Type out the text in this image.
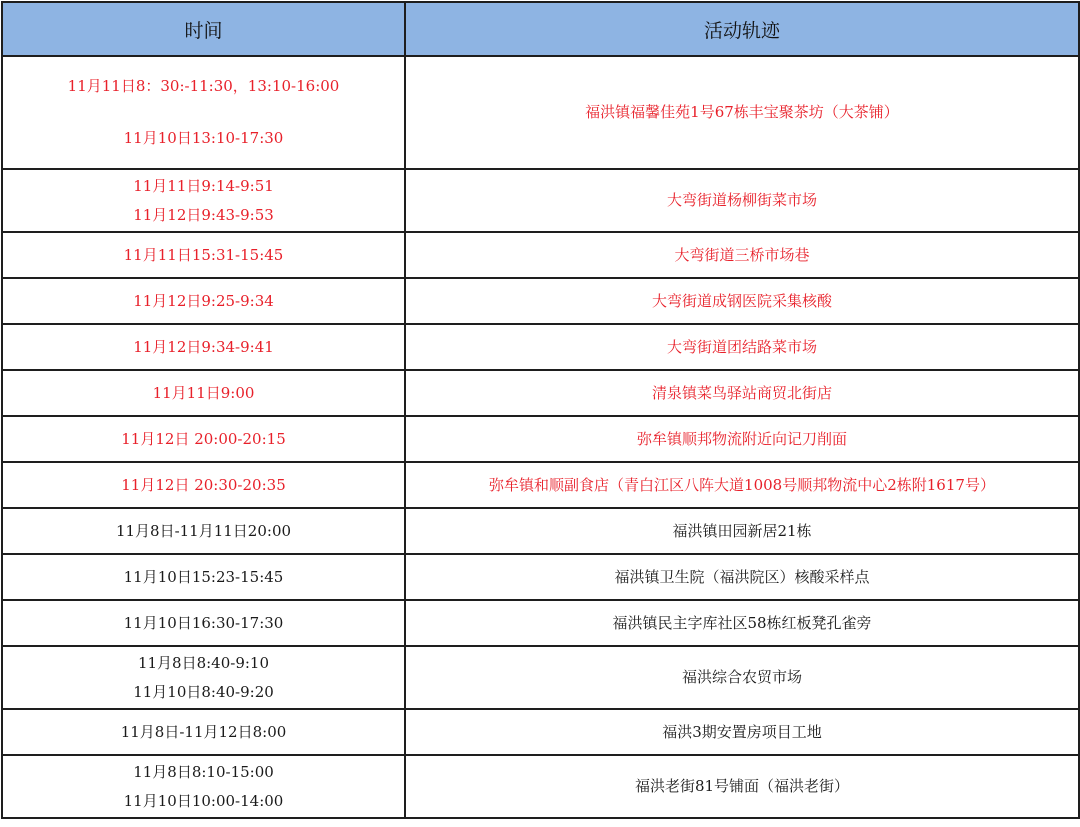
时间	活动轨迹

11月11日8：30:-11:30，13:10-16:00
11月10日13:10-17:30	福洪镇福馨佳苑1号67栋丰宝聚茶坊（大茶铺）

11月11日9:14-9:51
11月12日9:43-9:53	大弯街道杨柳街菜市场

11月11日15:31-15:45	大弯街道三桥市场巷

11月12日9:25-9:34	大弯街道成钢医院采集核酸

11月12日9:34-9:41	大弯街道团结路菜市场

11月11日9:00	清泉镇菜鸟驿站商贸北街店

11月12日 20:00-20:15	弥牟镇顺邦物流附近向记刀削面

11月12日 20:30-20:35	弥牟镇和顺副食店（青白江区八阵大道1008号顺邦物流中心2栋附1617号）

11月8日-11月11日20:00	福洪镇田园新居21栋

11月10日15:23-15:45	福洪镇卫生院（福洪院区）核酸采样点

11月10日16:30-17:30	福洪镇民主字库社区58栋红板凳孔雀旁

11月8日8:40-9:10
11月10日8:40-9:20	福洪综合农贸市场

11月8日-11月12日8:00	福洪3期安置房项目工地

11月8日8:10-15:00
11月10日10:00-14:00	福洪老街81号铺面（福洪老街）
